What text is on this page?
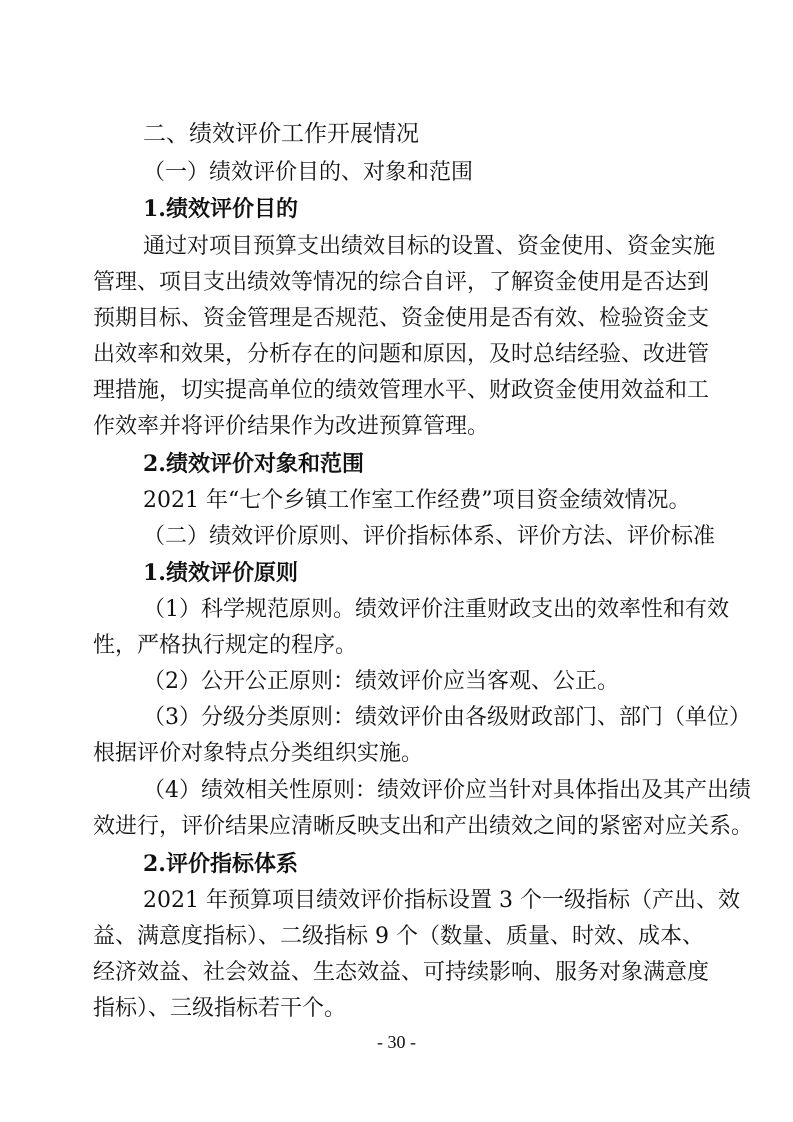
二、绩效评价工作开展情况
（一）绩效评价目的、对象和范围
1.绩效评价目的
通过对项目预算支出绩效目标的设置、资金使用、资金实施
管理、项目支出绩效等情况的综合自评，了解资金使用是否达到
预期目标、资金管理是否规范、资金使用是否有效、检验资金支
出效率和效果，分析存在的问题和原因，及时总结经验、改进管
理措施，切实提高单位的绩效管理水平、财政资金使用效益和工
作效率并将评价结果作为改进预算管理。
2.绩效评价对象和范围
2021 年“七个乡镇工作室工作经费”项目资金绩效情况。
（二）绩效评价原则、评价指标体系、评价方法、评价标准
1.绩效评价原则
（1）科学规范原则。绩效评价注重财政支出的效率性和有效
性，严格执行规定的程序。
（2）公开公正原则：绩效评价应当客观、公正。
（3）分级分类原则：绩效评价由各级财政部门、部门（单位）
根据评价对象特点分类组织实施。
（4）绩效相关性原则：绩效评价应当针对具体指出及其产出绩
效进行，评价结果应清晰反映支出和产出绩效之间的紧密对应关系。
2.评价指标体系
2021 年预算项目绩效评价指标设置 3 个一级指标（产出、效
益、满意度指标）、二级指标 9 个（数量、质量、时效、成本、
经济效益、社会效益、生态效益、可持续影响、服务对象满意度
指标）、三级指标若干个。
- 30 -
